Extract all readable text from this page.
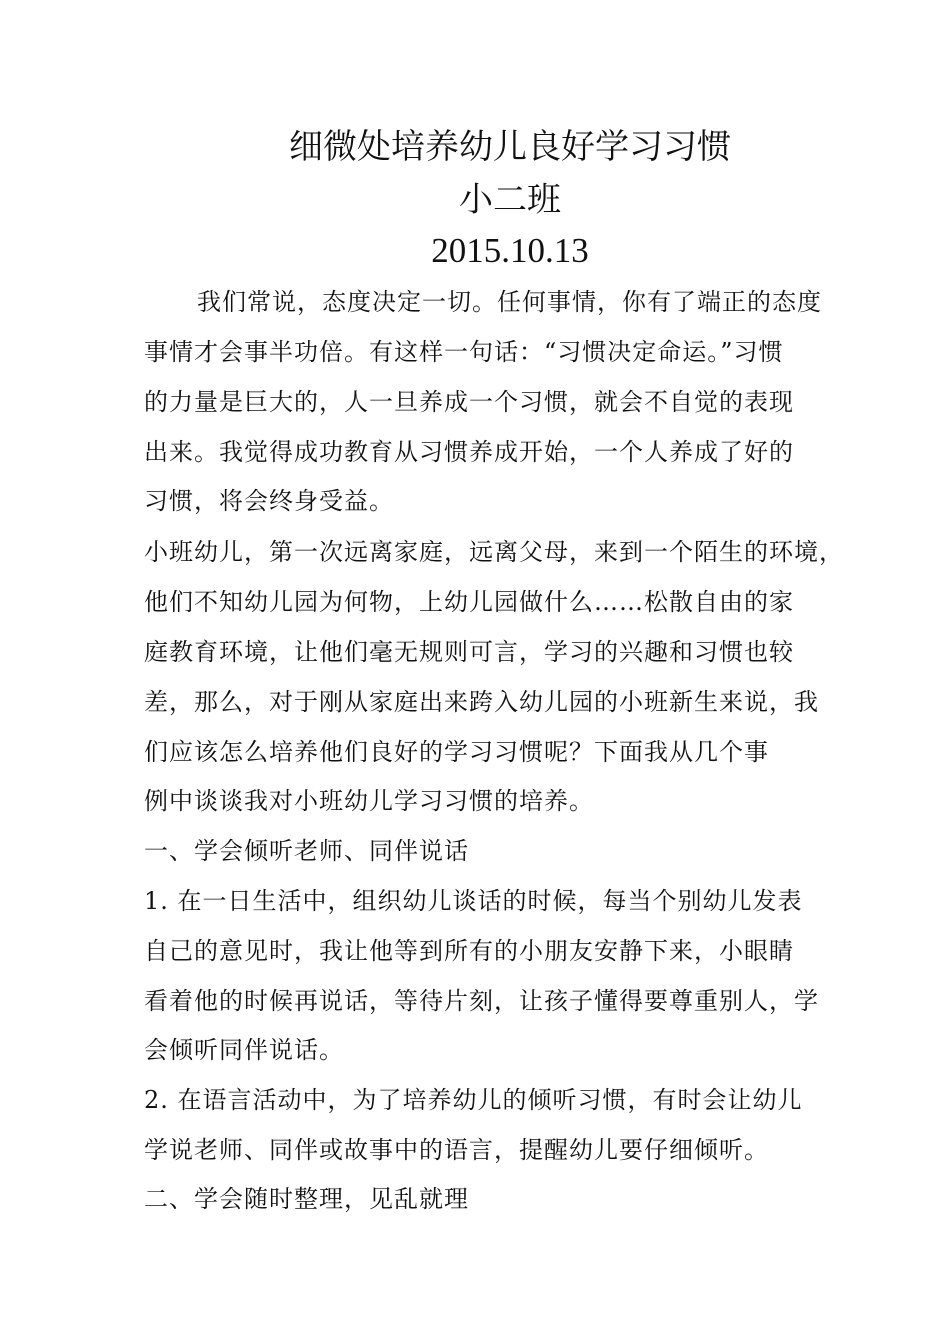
细微处培养幼儿良好学习习惯
小二班
2015.10.13
我们常说，态度决定一切。任何事情，你有了端正的态度
事情才会事半功倍。有这样一句话：“习惯决定命运。”习惯
的力量是巨大的，人一旦养成一个习惯，就会不自觉的表现
出来。我觉得成功教育从习惯养成开始，一个人养成了好的
习惯，将会终身受益。
小班幼儿，第一次远离家庭，远离父母，来到一个陌生的环境，
他们不知幼儿园为何物，上幼儿园做什么……松散自由的家
庭教育环境，让他们毫无规则可言，学习的兴趣和习惯也较
差，那么，对于刚从家庭出来跨入幼儿园的小班新生来说，我
们应该怎么培养他们良好的学习习惯呢？下面我从几个事
例中谈谈我对小班幼儿学习习惯的培养。
一、学会倾听老师、同伴说话
1. 在一日生活中，组织幼儿谈话的时候，每当个别幼儿发表
自己的意见时，我让他等到所有的小朋友安静下来，小眼睛
看着他的时候再说话，等待片刻，让孩子懂得要尊重别人，学
会倾听同伴说话。
2. 在语言活动中，为了培养幼儿的倾听习惯，有时会让幼儿
学说老师、同伴或故事中的语言，提醒幼儿要仔细倾听。
二、学会随时整理，见乱就理
